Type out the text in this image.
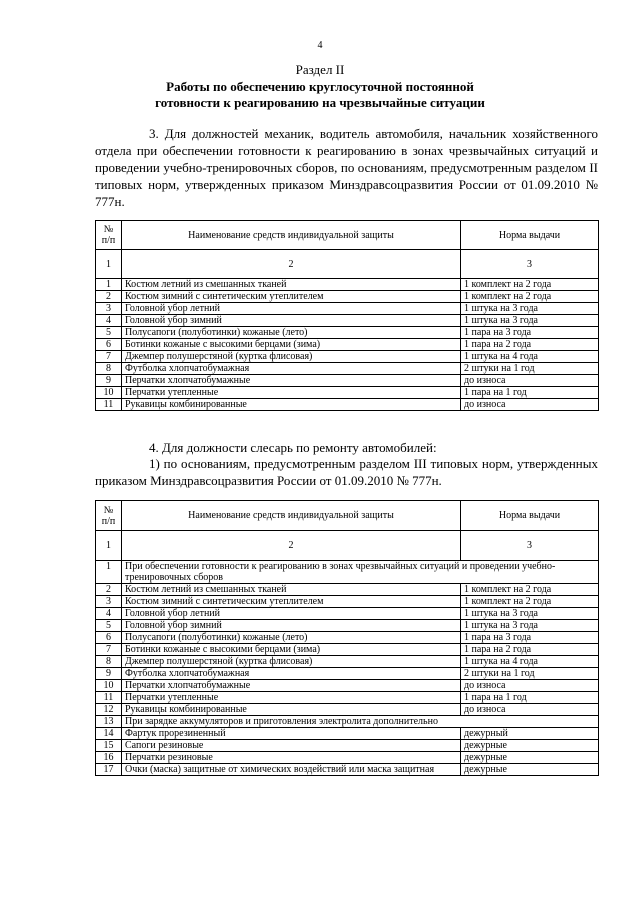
4
Раздел II
Работы по обеспечению круглосуточной постоянной
готовности к реагированию на чрезвычайные ситуации
3. Для должностей механик, водитель автомобиля, начальник хозяйственного отдела при обеспечении готовности к реагированию в зонах чрезвычайных ситуаций и проведении учебно-тренировочных сборов, по основаниям, предусмотренным разделом II типовых норм, утвержденных приказом Минздравсоцразвития России от 01.09.2010 № 777н.
№ п/п	Наименование средств индивидуальной защиты	Норма выдачи
1	2	3
1	Костюм летний из смешанных тканей	1 комплект на 2 года
2	Костюм зимний с синтетическим утеплителем	1 комплект на 2 года
3	Головной убор летний	1 штука на 3 года
4	Головной убор зимний	1 штука на 3 года
5	Полусапоги (полуботинки) кожаные (лето)	1 пара на 3 года
6	Ботинки кожаные с высокими берцами (зима)	1 пара на 2 года
7	Джемпер полушерстяной (куртка флисовая)	1 штука на 4 года
8	Футболка хлопчатобумажная	2 штуки на 1 год
9	Перчатки хлопчатобумажные	до износа
10	Перчатки утепленные	1 пара на 1 год
11	Рукавицы комбинированные	до износа
4. Для должности слесарь по ремонту автомобилей:
1) по основаниям, предусмотренным разделом III типовых норм, утвержденных приказом Минздравсоцразвития России от 01.09.2010 № 777н.
№ п/п	Наименование средств индивидуальной защиты	Норма выдачи
1	2	3
1	При обеспечении готовности к реагированию в зонах чрезвычайных ситуаций и проведении учебно-тренировочных сборов	
2	Костюм летний из смешанных тканей	1 комплект на 2 года
3	Костюм зимний с синтетическим утеплителем	1 комплект на 2 года
4	Головной убор летний	1 штука на 3 года
5	Головной убор зимний	1 штука на 3 года
6	Полусапоги (полуботинки) кожаные (лето)	1 пара на 3 года
7	Ботинки кожаные с высокими берцами (зима)	1 пара на 2 года
8	Джемпер полушерстяной (куртка флисовая)	1 штука на 4 года
9	Футболка хлопчатобумажная	2 штуки на 1 год
10	Перчатки хлопчатобумажные	до износа
11	Перчатки утепленные	1 пара на 1 год
12	Рукавицы комбинированные	до износа
13	При зарядке аккумуляторов и приготовления электролита дополнительно	
14	Фартук прорезиненный	дежурный
15	Сапоги резиновые	дежурные
16	Перчатки резиновые	дежурные
17	Очки (маска) защитные от химических воздействий или маска защитная	дежурные
